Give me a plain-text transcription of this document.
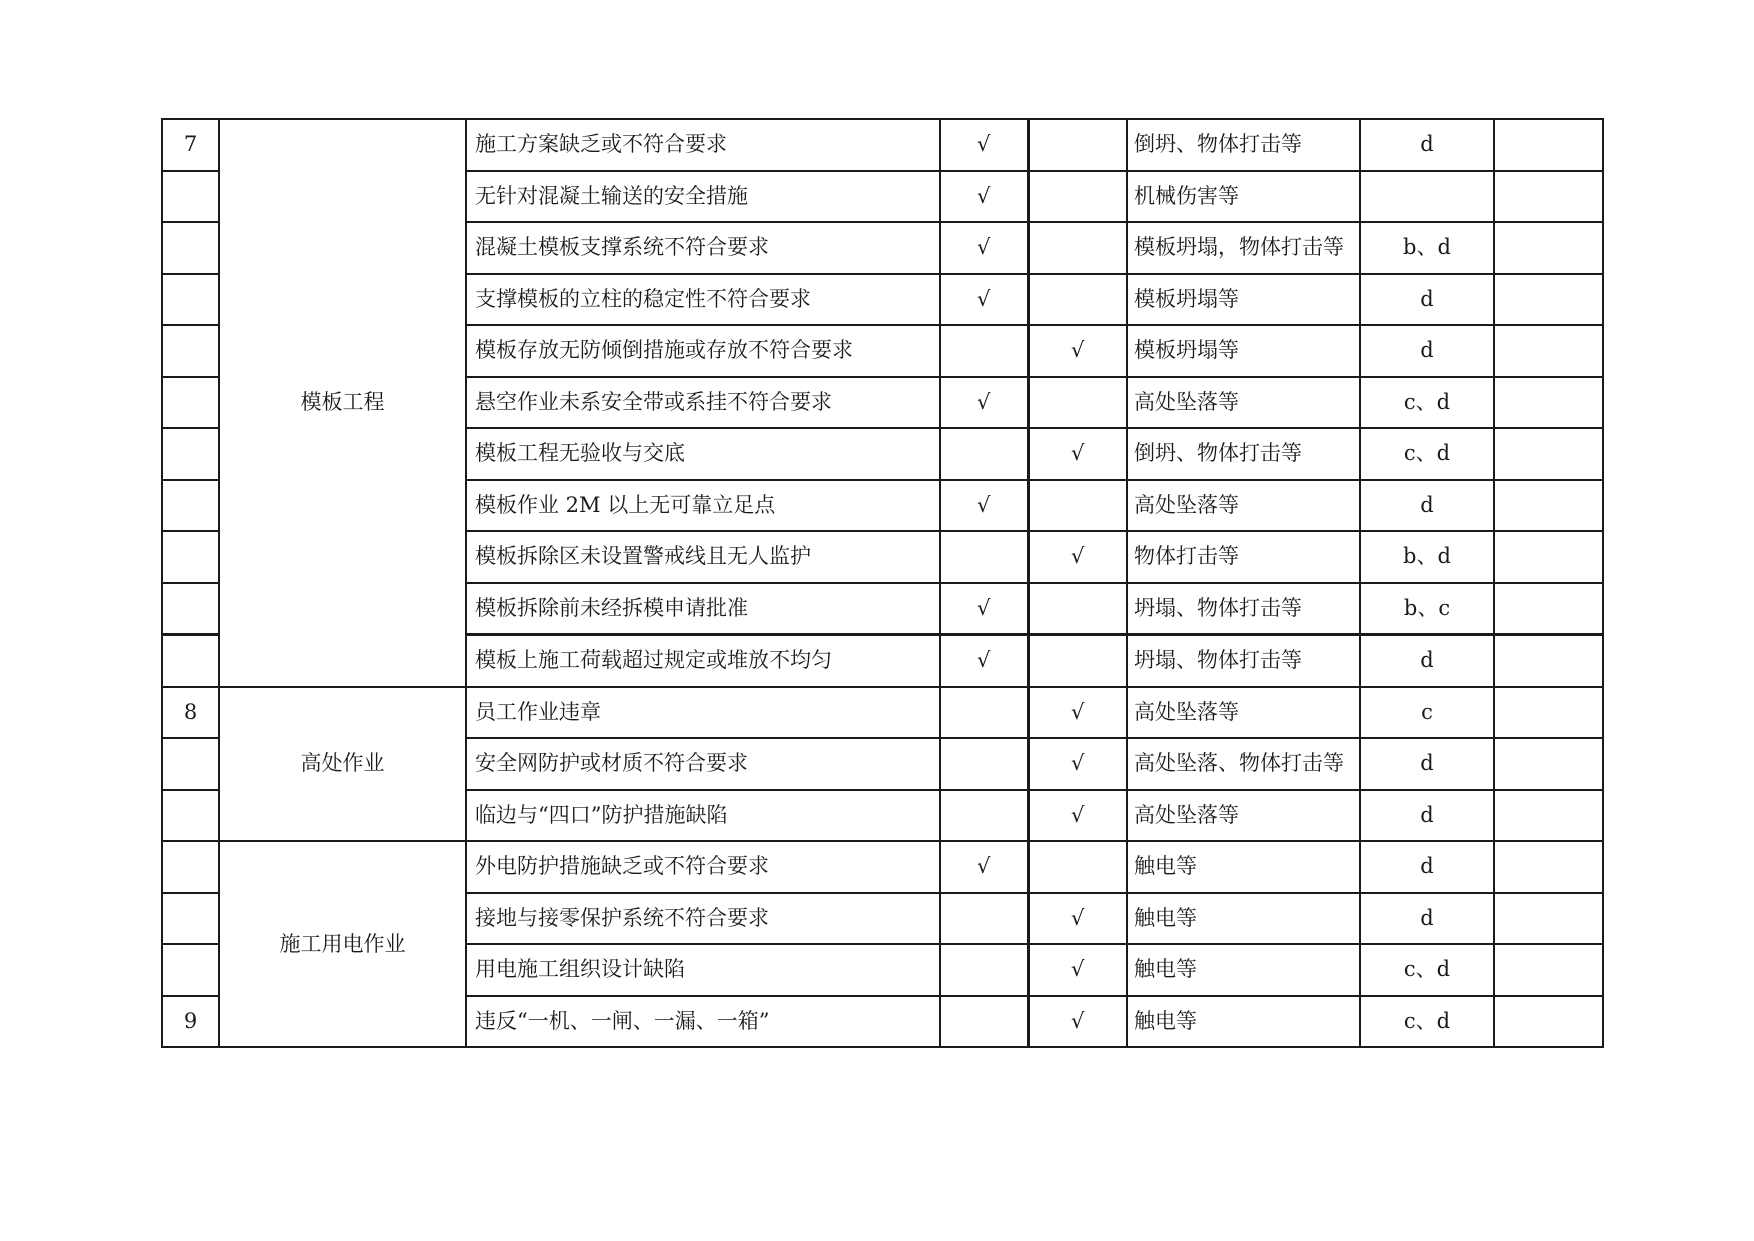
7	模板工程	施工方案缺乏或不符合要求	√		倒坍、物体打击等	d	
		无针对混凝土输送的安全措施	√		机械伤害等		
		混凝土模板支撑系统不符合要求	√		模板坍塌，物体打击等	b、d	
		支撑模板的立柱的稳定性不符合要求	√		模板坍塌等	d	
		模板存放无防倾倒措施或存放不符合要求		√	模板坍塌等	d	
		悬空作业未系安全带或系挂不符合要求	√		高处坠落等	c、d	
		模板工程无验收与交底		√	倒坍、物体打击等	c、d	
		模板作业 2M 以上无可靠立足点	√		高处坠落等	d	
		模板拆除区未设置警戒线且无人监护		√	物体打击等	b、d	
		模板拆除前未经拆模申请批准	√		坍塌、物体打击等	b、c	
		模板上施工荷载超过规定或堆放不均匀	√		坍塌、物体打击等	d	
8	高处作业	员工作业违章		√	高处坠落等	c	
		安全网防护或材质不符合要求		√	高处坠落、物体打击等	d	
		临边与“四口”防护措施缺陷		√	高处坠落等	d	
	施工用电作业	外电防护措施缺乏或不符合要求	√		触电等	d	
		接地与接零保护系统不符合要求		√	触电等	d	
		用电施工组织设计缺陷		√	触电等	c、d	
9		违反“一机、一闸、一漏、一箱”		√	触电等	c、d	
